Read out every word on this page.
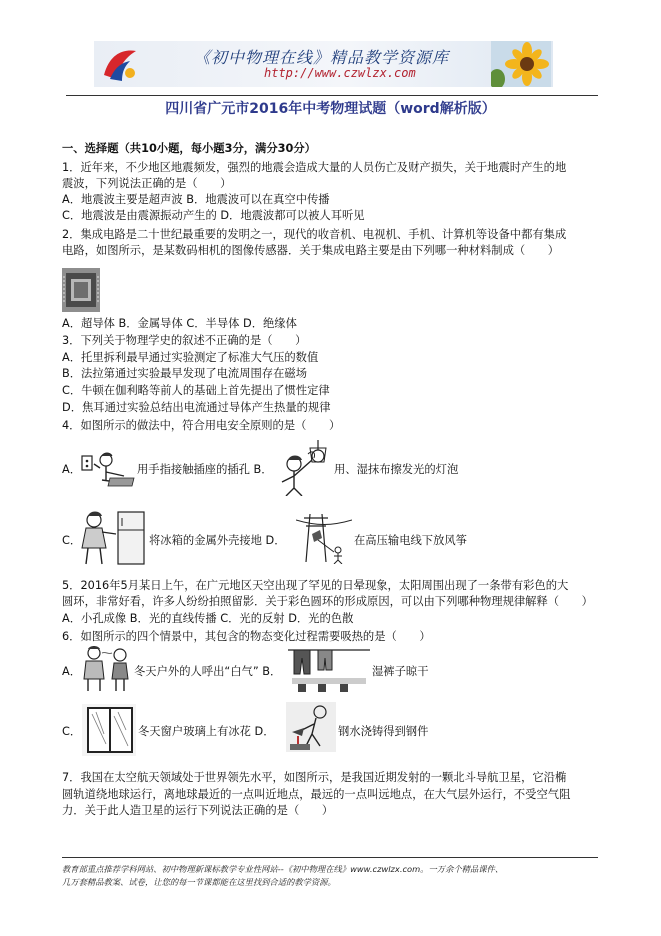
《初中物理在线》精品教学资源库
http://www.czwlzx.com
四川省广元市2016年中考物理试题（word解析版）
一、选择题（共10小题，每小题3分，满分30分）
1．近年来，不少地区地震频发，强烈的地震会造成大量的人员伤亡及财产损失，关于地震时产生的地
震波，下列说法正确的是（　　）
A．地震波主要是超声波 B．地震波可以在真空中传播
C．地震波是由震源振动产生的 D．地震波都可以被人耳听见
2．集成电路是二十世纪最重要的发明之一，现代的收音机、电视机、手机、计算机等设备中都有集成
电路，如图所示，是某数码相机的图像传感器．关于集成电路主要是由下列哪一种材料制成（　　）
A．超导体 B．金属导体 C．半导体 D．绝缘体
3．下列关于物理学史的叙述不正确的是（　　）
A．托里拆利最早通过实验测定了标准大气压的数值
B．法拉第通过实验最早发现了电流周围存在磁场
C．牛顿在伽利略等前人的基础上首先提出了惯性定律
D．焦耳通过实验总结出电流通过导体产生热量的规律
4．如图所示的做法中，符合用电安全原则的是（　　）
A．	用手指接触插座的插孔 B．	用、湿抹布擦发光的灯泡
C．	将冰箱的金属外壳接地 D．	在高压输电线下放风筝
5．2016年5月某日上午，在广元地区天空出现了罕见的日晕现象，太阳周围出现了一条带有彩色的大
圆环，非常好看，许多人纷纷拍照留影．关于彩色圆环的形成原因，可以由下列哪种物理规律解释（　　）
A．小孔成像 B．光的直线传播 C．光的反射 D．光的色散
6．如图所示的四个情景中，其包含的物态变化过程需要吸热的是（　　）
A．	冬天户外的人呼出“白气” B．	湿裤子晾干
C．	冬天窗户玻璃上有冰花 D．	钢水浇铸得到钢件
7．我国在太空航天领域处于世界领先水平，如图所示，是我国近期发射的一颗北斗导航卫星，它沿椭
圆轨道绕地球运行，离地球最近的一点叫近地点，最远的一点叫远地点，在大气层外运行，不受空气阻
力．关于此人造卫星的运行下列说法正确的是（　　）
教育部重点推荐学科网站、初中物理新课标教学专业性网站--《初中物理在线》www.czwlzx.com。一万余个精品课件、
几万套精品教案、试卷，让您的每一节课都能在这里找到合适的教学资源。
